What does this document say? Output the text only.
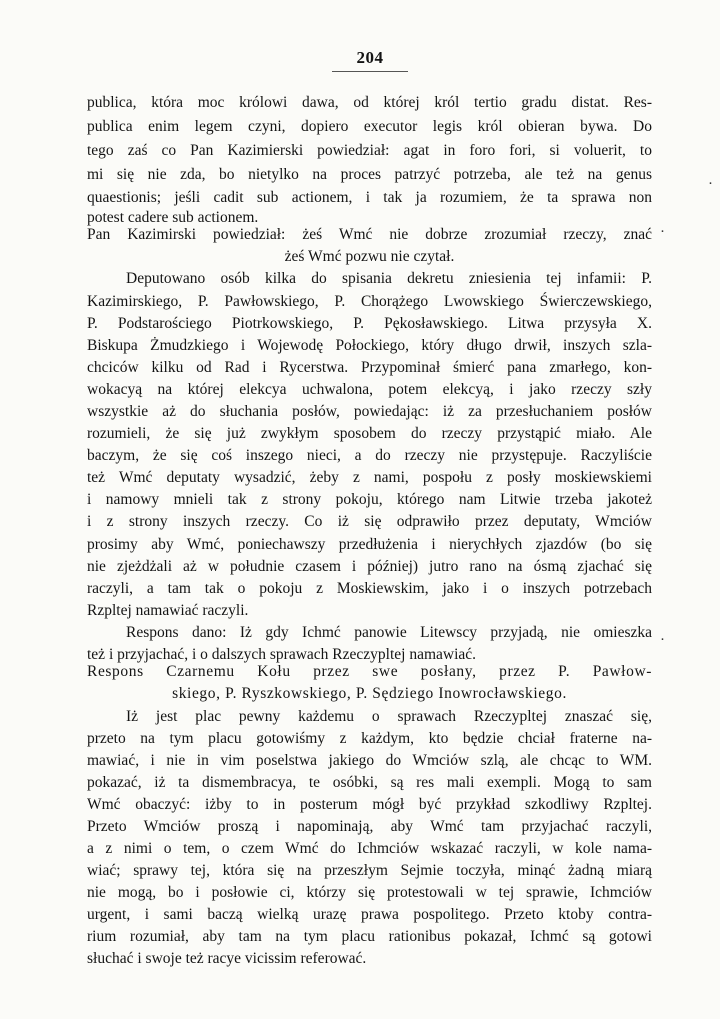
204
publica, która moc królowi dawa, od której król tertio gradu distat. Res-
publica enim legem czyni, dopiero executor legis król obieran bywa. Do
tego zaś co Pan Kazimierski powiedział: agat in foro fori, si voluerit, to
mi się nie zda, bo nietylko na proces patrzyć potrzeba, ale też na genus
quaestionis; jeśli cadit sub actionem, i tak ja rozumiem, że ta sprawa non
potest cadere sub actionem.
Pan Kazimirski powiedział: żeś Wmć nie dobrze zrozumiał rzeczy, znać
żeś Wmć pozwu nie czytał.
Deputowano osób kilka do spisania dekretu zniesienia tej infamii: P.
Kazimirskiego, P. Pawłowskiego, P. Chorążego Lwowskiego Świerczewskiego,
P. Podstarościego Piotrkowskiego, P. Pękosławskiego. Litwa przysyła X.
Biskupa Żmudzkiego i Wojewodę Połockiego, który długo drwił, inszych szla-
chciców kilku od Rad i Rycerstwa. Przypominał śmierć pana zmarłego, kon-
wokacyą na której elekcya uchwalona, potem elekcyą, i jako rzeczy szły
wszystkie aż do słuchania posłów, powiedając: iż za przesłuchaniem posłów
rozumieli, że się już zwykłym sposobem do rzeczy przystąpić miało. Ale
baczym, że się coś inszego nieci, a do rzeczy nie przystępuje. Raczyliście
też Wmć deputaty wysadzić, żeby z nami, pospołu z posły moskiewskiemi
i namowy mnieli tak z strony pokoju, którego nam Litwie trzeba jakoteż
i z strony inszych rzeczy. Co iż się odprawiło przez deputaty, Wmciów
prosimy aby Wmć, poniechawszy przedłużenia i nierychłych zjazdów (bo się
nie zjeżdżali aż w południe czasem i później) jutro rano na ósmą zjachać się
raczyli, a tam tak o pokoju z Moskiewskim, jako i o inszych potrzebach
Rzpltej namawiać raczyli.
Respons dano: Iż gdy Ichmć panowie Litewscy przyjadą, nie omieszka
też i przyjachać, i o dalszych sprawach Rzeczypltej namawiać.
Respons Czarnemu Kołu przez swe posłany, przez P. Pawłow-
skiego, P. Ryszkowskiego, P. Sędziego Inowrocławskiego.
Iż jest plac pewny każdemu o sprawach Rzeczypltej znaszać się,
przeto na tym placu gotowiśmy z każdym, kto będzie chciał fraterne na-
mawiać, i nie in vim poselstwa jakiego do Wmciów szlą, ale chcąc to WM.
pokazać, iż ta dismembracya, te osóbki, są res mali exempli. Mogą to sam
Wmć obaczyć: iżby to in posterum mógł być przykład szkodliwy Rzpltej.
Przeto Wmciów proszą i napominają, aby Wmć tam przyjachać raczyli,
a z nimi o tem, o czem Wmć do Ichmciów wskazać raczyli, w kole nama-
wiać; sprawy tej, która się na przeszłym Sejmie toczyła, minąć żadną miarą
nie mogą, bo i posłowie ci, którzy się protestowali w tej sprawie, Ichmciów
urgent, i sami baczą wielką urazę prawa pospolitego. Przeto ktoby contra-
rium rozumiał, aby tam na tym placu rationibus pokazał, Ichmć są gotowi
słuchać i swoje też racye vicissim referować.
·
·
·
